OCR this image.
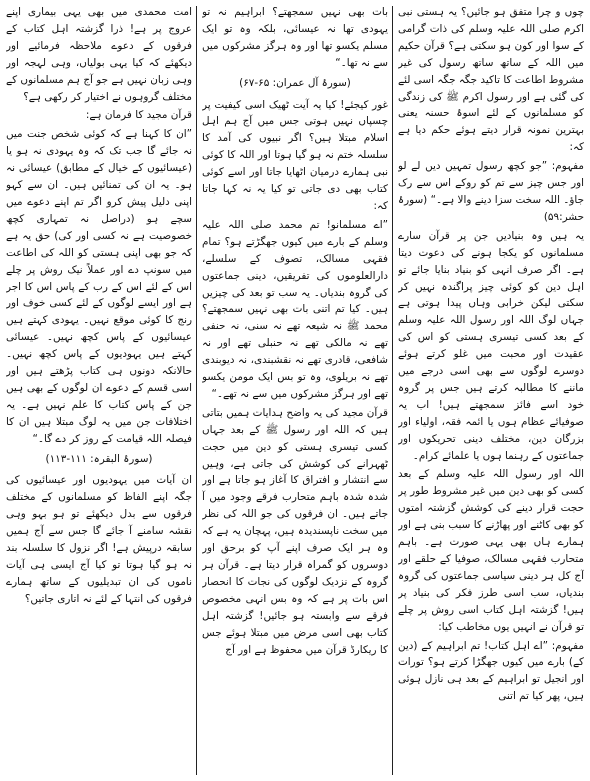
چوں و چرا متفق ہو جائیں؟ یہ ہستی نبی اکرم صلی اللہ علیہ وسلم کی ذات گرامی کے سوا اور کون ہو سکتی ہے؟ قرآن حکیم میں اللہ کے ساتھ ساتھ رسول کی غیر مشروط اطاعت کا تاکید جگہ جگہ اسی لئے کی گئی ہے اور رسول اکرم ﷺ کی زندگی کو مسلمانوں کے لئے اسوۂ حسنہ یعنی بہترین نمونہ قرار دیتے ہوئے حکم دیا ہے کہ:

مفہوم: ”جو کچھ رسول تمہیں دیں لے لو اور جس چیز سے تم کو روکے اس سے رک جاؤ۔ اللہ سخت سزا دینے والا ہے۔“ (سورۂ حشر:۵۹)

یہ ہیں وہ بنیادیں جن پر قرآن سارے مسلمانوں کو یکجا ہونے کی دعوت دیتا ہے۔ اگر صرف انہی کو بنیاد بنایا جائے تو اہل دین کو کوئی چیز پراگندہ نہیں کر سکتی لیکن خرابی وہاں پیدا ہوتی ہے جہاں لوگ اللہ اور رسول اللہ علیہ وسلم کے بعد کسی تیسری ہستی کو اس کی عقیدت اور محبت میں غلو کرتے ہوئے دوسرے لوگوں سے بھی اسی درجے میں ماننے کا مطالبہ کرتے ہیں جس پر گروہ خود اسے فائز سمجھتے ہیں! اب یہ صوفیائے عظام ہوں یا ائمہ فقہ، اولیاء اور بزرگان دین، مختلف دینی تحریکوں اور جماعتوں کے رہنما ہوں یا علمائے کرام۔

اللہ اور رسول اللہ علیہ وسلم کے بعد کسی کو بھی دین میں غیر مشروط طور پر حجت قرار دینے کی کوشش گزشتہ امتوں کو بھی کاٹنے اور پھاڑنے کا سبب بنی ہے اور ہمارے ہاں بھی یہی صورت ہے۔ باہم متحارب فقہی مسالک، صوفیا کے حلقے اور آج کل ہر دینی سیاسی جماعتوں کی گروہ بندیاں، سب اسی طرز فکر کی بنیاد پر ہیں! گزشتہ اہل کتاب اسی روش پر چلے تو قرآن نے انہیں یوں مخاطب کیا:

مفہوم: ”اے اہل کتاب! تم ابراہیم کے (دین کے) بارے میں کیوں جھگڑا کرتے ہو؟ تورات اور انجیل تو ابراہیم کے بعد ہی نازل ہوئی ہیں، پھر کیا تم اتنی

بات بھی نہیں سمجھتے؟ ابراہیم نہ تو یہودی تھا نہ عیسائی، بلکہ وہ تو ایک مسلم یکسو تھا اور وہ ہرگز مشرکوں میں سے نہ تھا۔“

(سورۂ آل عمران: ۶۵-۶۷)

غور کیجئے! کیا یہ آیت ٹھیک اسی کیفیت پر چسپاں نہیں ہوتی جس میں آج ہم اہل اسلام مبتلا ہیں؟ اگر نبیوں کی آمد کا سلسلہ ختم نہ ہو گیا ہوتا اور اللہ کا کوئی نبی ہمارے درمیان اٹھایا جاتا اور اسے کوئی کتاب بھی دی جاتی تو کیا یہ نہ کہا جاتا کہ:

”اے مسلمانو! تم محمد صلی اللہ علیہ وسلم کے بارے میں کیوں جھگڑتے ہو؟ تمام فقہی مسالک، تصوف کے سلسلے، دارالعلوموں کی تفریقیں، دینی جماعتوں کی گروہ بندیاں۔ یہ سب تو بعد کی چیزیں ہیں۔ کیا تم اتنی بات بھی نہیں سمجھتے؟ محمد ﷺ نہ شیعہ تھے نہ سنی، نہ حنفی تھے نہ مالکی تھے نہ حنبلی تھے اور نہ شافعی، قادری تھے نہ نقشبندی، نہ دیوبندی تھے نہ بریلوی، وہ تو بس ایک مومن یکسو تھے اور ہرگز مشرکوں میں سے نہ تھے۔“

قرآن مجید کی یہ واضح ہدایات ہمیں بتاتی ہیں کہ اللہ اور رسول ﷺ کے بعد جہاں کسی تیسری ہستی کو دین میں حجت ٹھہرانے کی کوشش کی جاتی ہے، وہیں سے انتشار و افتراق کا آغاز ہو جاتا ہے اور شدہ شدہ باہم متحارب فرقے وجود میں آ جاتے ہیں۔ ان فرقوں کی جو اللہ کی نظر میں سخت ناپسندیدہ ہیں، پہچان یہ ہے کہ وہ ہر ایک صرف اپنے آپ کو برحق اور دوسروں کو گمراہ قرار دیتا ہے۔ قرآن ہر گروہ کے نزدیک لوگوں کی نجات کا انحصار اس بات پر ہے کہ وہ بس انہی مخصوص فرقے سے وابستہ ہو جائیں! گزشتہ اہل کتاب بھی اسی مرض میں مبتلا ہوئے جس کا ریکارڈ قرآن میں محفوظ ہے اور آج

امت محمدی میں بھی یہی بیماری اپنے عروج پر ہے! ذرا گزشتہ اہل کتاب کے فرقوں کے دعوے ملاحظہ فرمائیے اور دیکھئے کہ کیا یہی بولیاں، وہی لہجہ اور وہی زبان نہیں ہے جو آج ہم مسلمانوں کے مختلف گروہوں نے اختیار کر رکھی ہے؟

قرآن مجید کا فرمان ہے:

”ان کا کہنا ہے کہ کوئی شخص جنت میں نہ جائے گا جب تک کہ وہ یہودی نہ ہو یا (عیسائیوں کے خیال کے مطابق) عیسائی نہ ہو۔ یہ ان کی تمنائیں ہیں۔ ان سے کہو اپنی دلیل پیش کرو اگر تم اپنے دعوے میں سچے ہو (دراصل نہ تمہاری کچھ خصوصیت ہے نہ کسی اور کی) حق یہ ہے کہ جو بھی اپنی ہستی کو اللہ کی اطاعت میں سونپ دے اور عملاً نیک روش پر چلے اس کے لئے اس کے رب کے پاس اس کا اجر ہے اور ایسے لوگوں کے لئے کسی خوف اور رنج کا کوئی موقع نہیں۔ یہودی کہتے ہیں عیسائیوں کے پاس کچھ نہیں۔ عیسائی کہتے ہیں یہودیوں کے پاس کچھ نہیں۔ حالانکہ دونوں ہی کتاب پڑھتے ہیں اور اسی قسم کے دعوے ان لوگوں کے بھی ہیں جن کے پاس کتاب کا علم نہیں ہے۔ یہ اختلافات جن میں یہ لوگ مبتلا ہیں ان کا فیصلہ اللہ قیامت کے روز کر دے گا۔“

(سورۂ البقرہ: ۱۱۱-۱۱۳)

ان آیات میں یہودیوں اور عیسائیوں کی جگہ اپنے الفاظ کو مسلمانوں کے مختلف فرقوں سے بدل دیکھئے تو ہو بہو وہی نقشہ سامنے آ جائے گا جس سے آج ہمیں سابقہ درپیش ہے! اگر نزول کا سلسلہ بند نہ ہو گیا ہوتا تو کیا آج ایسی ہی آیات ناموں کی ان تبدیلیوں کے ساتھ ہمارے فرقوں کی انتہا کے لئے نہ اتاری جاتیں؟
